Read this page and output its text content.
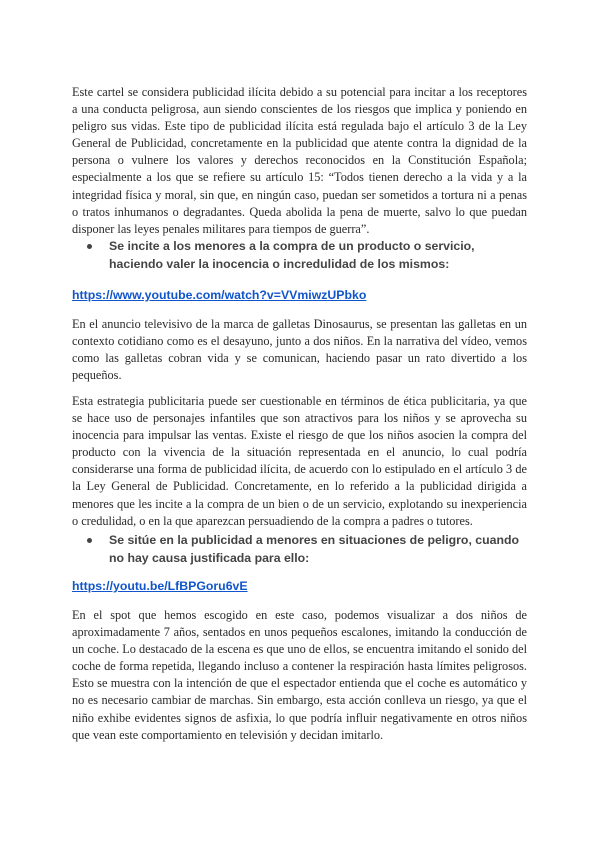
Este cartel se considera publicidad ilícita debido a su potencial para incitar a los receptores a una conducta peligrosa, aun siendo conscientes de los riesgos que implica y poniendo en peligro sus vidas. Este tipo de publicidad ilícita está regulada bajo el artículo 3 de la Ley General de Publicidad, concretamente en la publicidad que atente contra la dignidad de la persona o vulnere los valores y derechos reconocidos en la Constitución Española; especialmente a los que se refiere su artículo 15: “Todos tienen derecho a la vida y a la integridad física y moral, sin que, en ningún caso, puedan ser sometidos a tortura ni a penas o tratos inhumanos o degradantes. Queda abolida la pena de muerte, salvo lo que puedan disponer las leyes penales militares para tiempos de guerra”.

Se incite a los menores a la compra de un producto o servicio, haciendo valer la inocencia o incredulidad de los mismos:
https://www.youtube.com/watch?v=VVmiwzUPbko

En el anuncio televisivo de la marca de galletas Dinosaurus, se presentan las galletas en un contexto cotidiano como es el desayuno, junto a dos niños. En la narrativa del vídeo, vemos como las galletas cobran vida y se comunican, haciendo pasar un rato divertido a los pequeños.

Esta estrategia publicitaria puede ser cuestionable en términos de ética publicitaria, ya que se hace uso de personajes infantiles que son atractivos para los niños y se aprovecha su inocencia para impulsar las ventas. Existe el riesgo de que los niños asocien la compra del producto con la vivencia de la situación representada en el anuncio, lo cual podría considerarse una forma de publicidad ilícita, de acuerdo con lo estipulado en el artículo 3 de la Ley General de Publicidad. Concretamente, en lo referido a la publicidad dirigida a menores que les incite a la compra de un bien o de un servicio, explotando su inexperiencia o credulidad, o en la que aparezcan persuadiendo de la compra a padres o tutores.

Se sitúe en la publicidad a menores en situaciones de peligro, cuando no hay causa justificada para ello:
https://youtu.be/LfBPGoru6vE

En el spot que hemos escogido en este caso, podemos visualizar a dos niños de aproximadamente 7 años, sentados en unos pequeños escalones, imitando la conducción de un coche. Lo destacado de la escena es que uno de ellos, se encuentra imitando el sonido del coche de forma repetida, llegando incluso a contener la respiración hasta límites peligrosos. Esto se muestra con la intención de que el espectador entienda que el coche es automático y no es necesario cambiar de marchas. Sin embargo, esta acción conlleva un riesgo, ya que el niño exhibe evidentes signos de asfixia, lo que podría influir negativamente en otros niños que vean este comportamiento en televisión y decidan imitarlo.
